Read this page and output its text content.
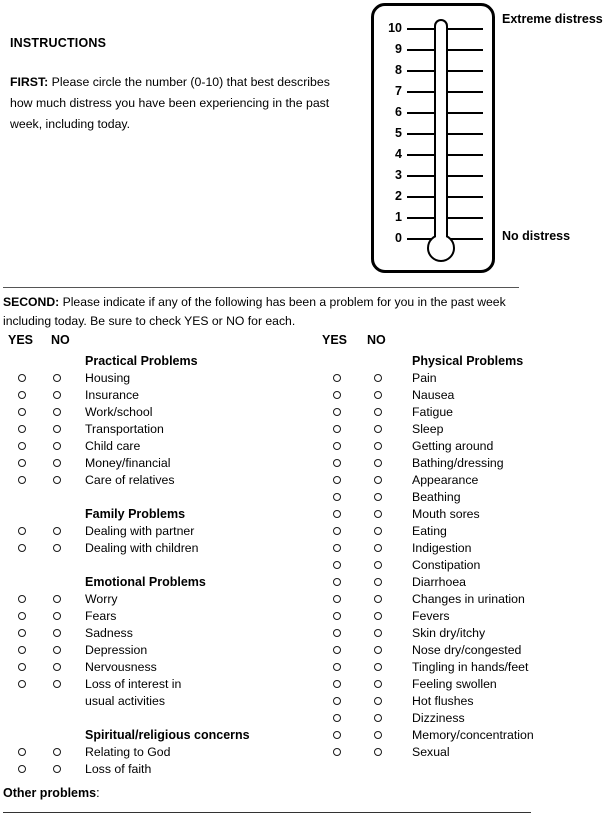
INSTRUCTIONS

FIRST: Please circle the number (0-10) that best describes how much distress you have been experiencing in the past week, including today.

10
9
8
7
6
5
4
3
2
1
0
Extreme distress
No distress

SECOND: Please indicate if any of the following has been a problem for you in the past week including today. Be sure to check YES or NO for each.

YES NO
Practical Problems
Housing
Insurance
Work/school
Transportation
Child care
Money/financial
Care of relatives
Family Problems
Dealing with partner
Dealing with children
Emotional Problems
Worry
Fears
Sadness
Depression
Nervousness
Loss of interest in
usual activities
Spiritual/religious concerns
Relating to God
Loss of faith
YES NO
Physical Problems
Pain
Nausea
Fatigue
Sleep
Getting around
Bathing/dressing
Appearance
Beathing
Mouth sores
Eating
Indigestion
Constipation
Diarrhoea
Changes in urination
Fevers
Skin dry/itchy
Nose dry/congested
Tingling in hands/feet
Feeling swollen
Hot flushes
Dizziness
Memory/concentration
Sexual

Other problems:
